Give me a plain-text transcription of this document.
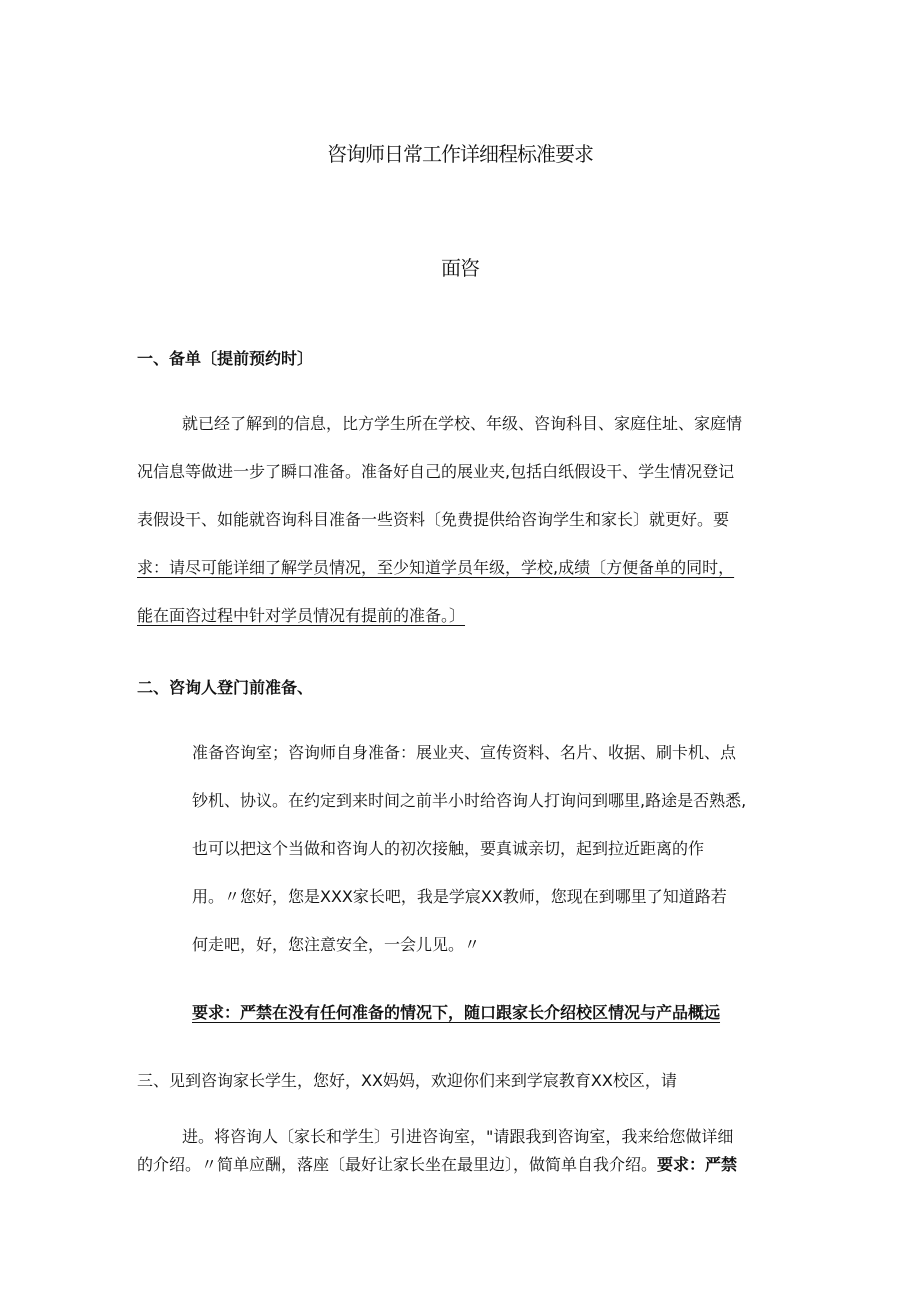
咨询师日常工作详细程标准要求
面咨
一、备单〔提前预约时〕
就已经了解到的信息，比方学生所在学校、年级、咨询科目、家庭住址、家庭情
况信息等做进一步了瞬口准备。准备好自己的展业夹,包括白纸假设干、学生情况登记
表假设干、如能就咨询科目准备一些资料〔免费提供给咨询学生和家长〕就更好。要
求：请尽可能详细了解学员情况，至少知道学员年级，学校,成绩〔方便备单的同时，
能在面咨过程中针对学员情况有提前的准备。〕
二、咨询人登门前准备、
准备咨询室；咨询师自身准备：展业夹、宣传资料、名片、收据、刷卡机、点
钞机、协议。在约定到来时间之前半小时给咨询人打询问到哪里,路途是否熟悉,
也可以把这个当做和咨询人的初次接触，要真诚亲切，起到拉近距离的作
用。〃您好，您是XXX家长吧，我是学宸XX教师，您现在到哪里了知道路若
何走吧，好，您注意安全，一会儿见。〃
要求：严禁在没有任何准备的情况下，随口跟家长介绍校区情况与产品概远
三、见到咨询家长学生，您好，XX妈妈，欢迎你们来到学宸教育XX校区，请
进。将咨询人〔家长和学生〕引进咨询室，"请跟我到咨询室，我来给您做详细
的介绍。〃简单应酬，落座〔最好让家长坐在最里边〕，做简单自我介绍。要求：严禁
